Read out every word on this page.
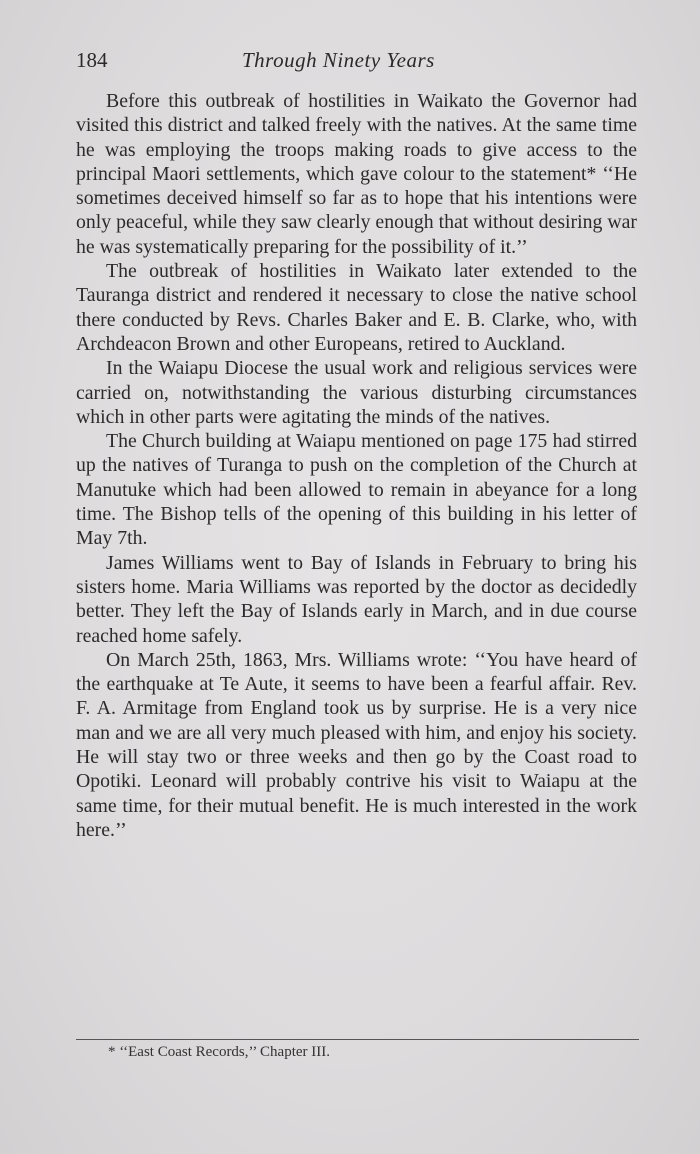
184	Through Ninety Years

Before this outbreak of hostilities in Waikato the Governor had visited this district and talked freely with the natives. At the same time he was employing the troops making roads to give access to the principal Maori settlements, which gave colour to the statement* ‘‘He sometimes deceived himself so far as to hope that his intentions were only peaceful, while they saw clearly enough that without desiring war he was systematically preparing for the possibility of it.’’

The outbreak of hostilities in Waikato later extended to the Tauranga district and rendered it necessary to close the native school there conducted by Revs. Charles Baker and E. B. Clarke, who, with Archdeacon Brown and other Europeans, retired to Auckland.

In the Waiapu Diocese the usual work and religious services were carried on, notwithstanding the various disturbing circumstances which in other parts were agitating the minds of the natives.

The Church building at Waiapu mentioned on page 175 had stirred up the natives of Turanga to push on the completion of the Church at Manutuke which had been allowed to remain in abeyance for a long time. The Bishop tells of the opening of this building in his letter of May 7th.

James Williams went to Bay of Islands in February to bring his sisters home. Maria Williams was reported by the doctor as decidedly better. They left the Bay of Islands early in March, and in due course reached home safely.

On March 25th, 1863, Mrs. Williams wrote: ‘‘You have heard of the earthquake at Te Aute, it seems to have been a fearful affair. Rev. F. A. Armitage from England took us by surprise. He is a very nice man and we are all very much pleased with him, and enjoy his society. He will stay two or three weeks and then go by the Coast road to Opotiki. Leonard will probably contrive his visit to Waiapu at the same time, for their mutual benefit. He is much interested in the work here.’’

* ‘‘East Coast Records,’’ Chapter III.
